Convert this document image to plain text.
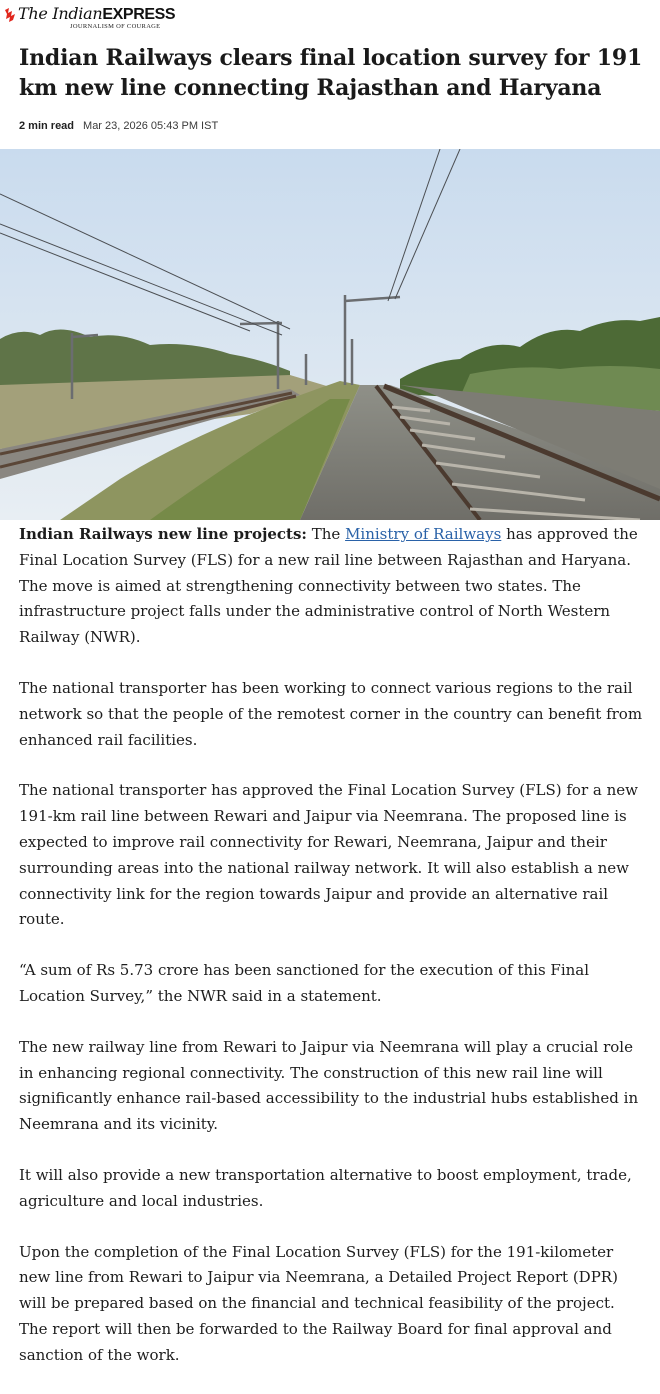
The IndianEXPRESS
JOURNALISM OF COURAGE
Indian Railways clears final location survey for 191 km new line connecting Rajasthan and Haryana
2 min read Mar 23, 2026 05:43 PM IST

Indian Railways new line projects: The Ministry of Railways has approved the Final Location Survey (FLS) for a new rail line between Rajasthan and Haryana. The move is aimed at strengthening connectivity between two states. The infrastructure project falls under the administrative control of North Western Railway (NWR).

The national transporter has been working to connect various regions to the rail network so that the people of the remotest corner in the country can benefit from enhanced rail facilities.

The national transporter has approved the Final Location Survey (FLS) for a new 191-km rail line between Rewari and Jaipur via Neemrana. The proposed line is expected to improve rail connectivity for Rewari, Neemrana, Jaipur and their surrounding areas into the national railway network. It will also establish a new connectivity link for the region towards Jaipur and provide an alternative rail route.

“A sum of Rs 5.73 crore has been sanctioned for the execution of this Final Location Survey,” the NWR said in a statement.

The new railway line from Rewari to Jaipur via Neemrana will play a crucial role in enhancing regional connectivity. The construction of this new rail line will significantly enhance rail-based accessibility to the industrial hubs established in Neemrana and its vicinity.

It will also provide a new transportation alternative to boost employment, trade, agriculture and local industries.

Upon the completion of the Final Location Survey (FLS) for the 191-kilometer new line from Rewari to Jaipur via Neemrana, a Detailed Project Report (DPR) will be prepared based on the financial and technical feasibility of the project. The report will then be forwarded to the Railway Board for final approval and sanction of the work.
